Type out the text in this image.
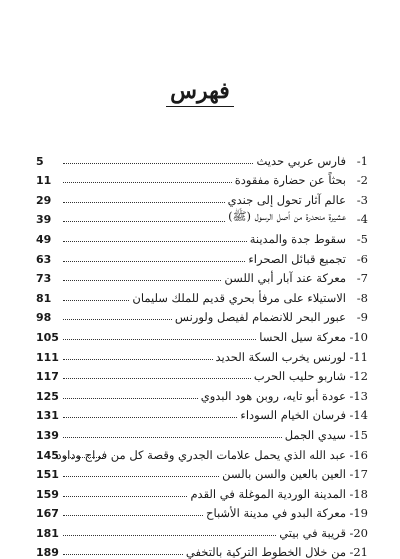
فهرس
1-
فارس عربي حديث
5
2-
بحثاً عن حضارة مفقودة
11
3-
عالم آثار تحول إلى جندي
29
4-
عشيرة منحدرة من أصل الرسول (ﷺ)
39
5-
سقوط جدة والمدينة
49
6-
تجميع قبائل الصحراء
63
7-
معركة عند آبار أبي اللسن
73
8-
الاستيلاء على مرفأ بحري قديم للملك سليمان
81
9-
عبور البحر للانضمام لفيصل ولورنس
98
10-
معركة سيل الحسا
105
11-
لورنس يخرب السكة الحديد
111
12-
شاربو حليب الحرب
117
13-
عودة أبو تايه، روبن هود البدوي
125
14-
فرسان الخيام السوداء
131
15-
سيدي الجمل
139
16-
عبد الله الذي يحمل علامات الجدري وقصة كل من فراج وداود
145
17-
العين بالعين والسن بالسن
151
18-
المدينة الوردية الموغلة في القدم
159
19-
معركة البدو في مدينة الأشباح
167
20-
قريبة في بيتي
181
21-
من خلال الخطوط التركية بالتخفي
189
